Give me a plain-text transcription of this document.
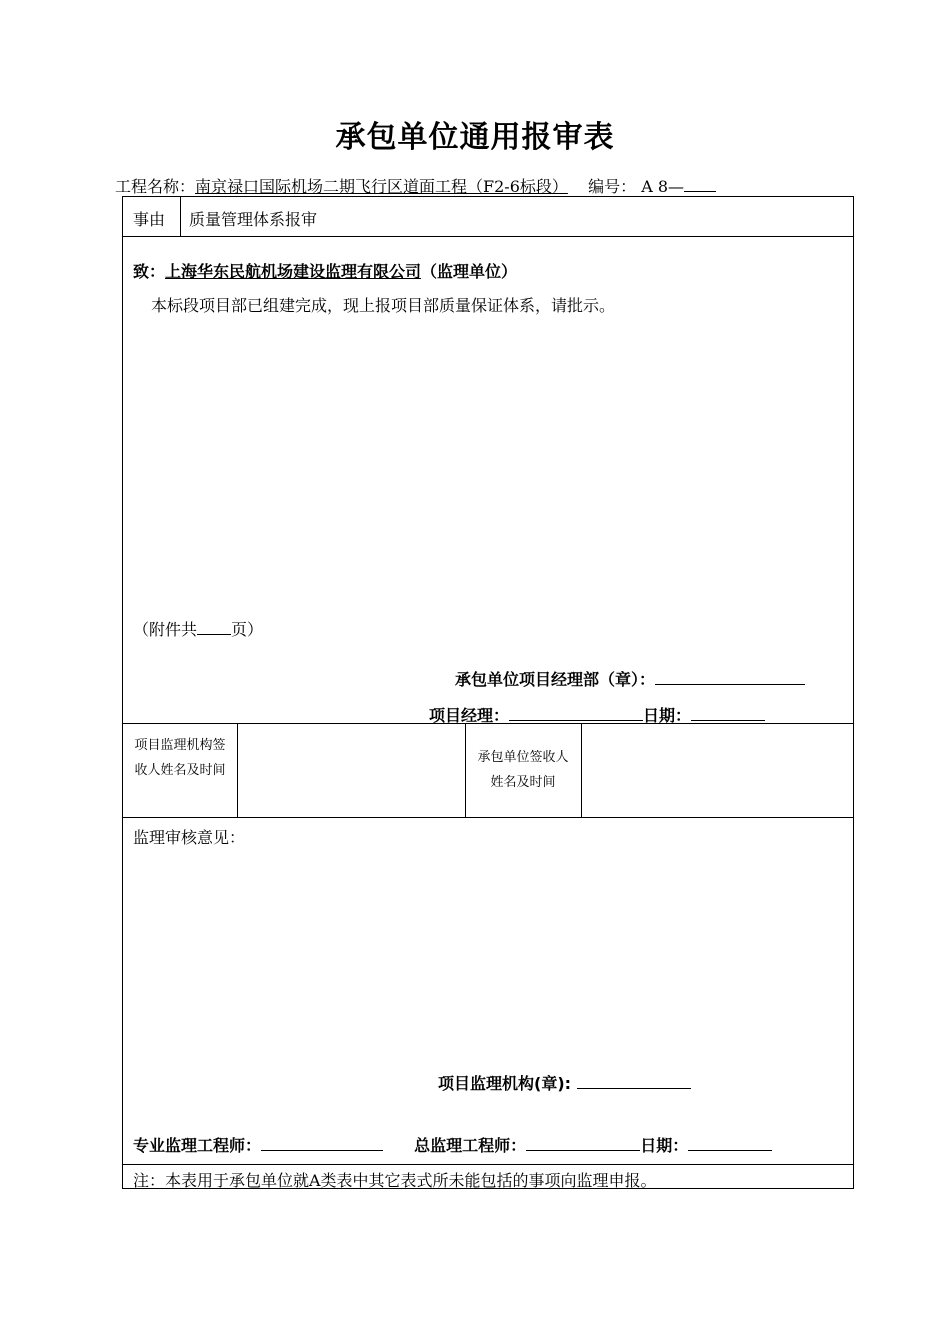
承包单位通用报审表
工程名称：南京禄口国际机场二期飞行区道面工程（F2-6标段） 编号： A 8—
事由 质量管理体系报审
致：上海华东民航机场建设监理有限公司（监理单位）
本标段项目部已组建完成，现上报项目部质量保证体系，请批示。
（附件共 页）
承包单位项目经理部（章）：
项目经理：	日期：
项目监理机构签收人姓名及时间
承包单位签收人姓名及时间
监理审核意见：
项目监理机构(章):
专业监理工程师：	总监理工程师：	日期：
注：本表用于承包单位就A类表中其它表式所未能包括的事项向监理申报。
